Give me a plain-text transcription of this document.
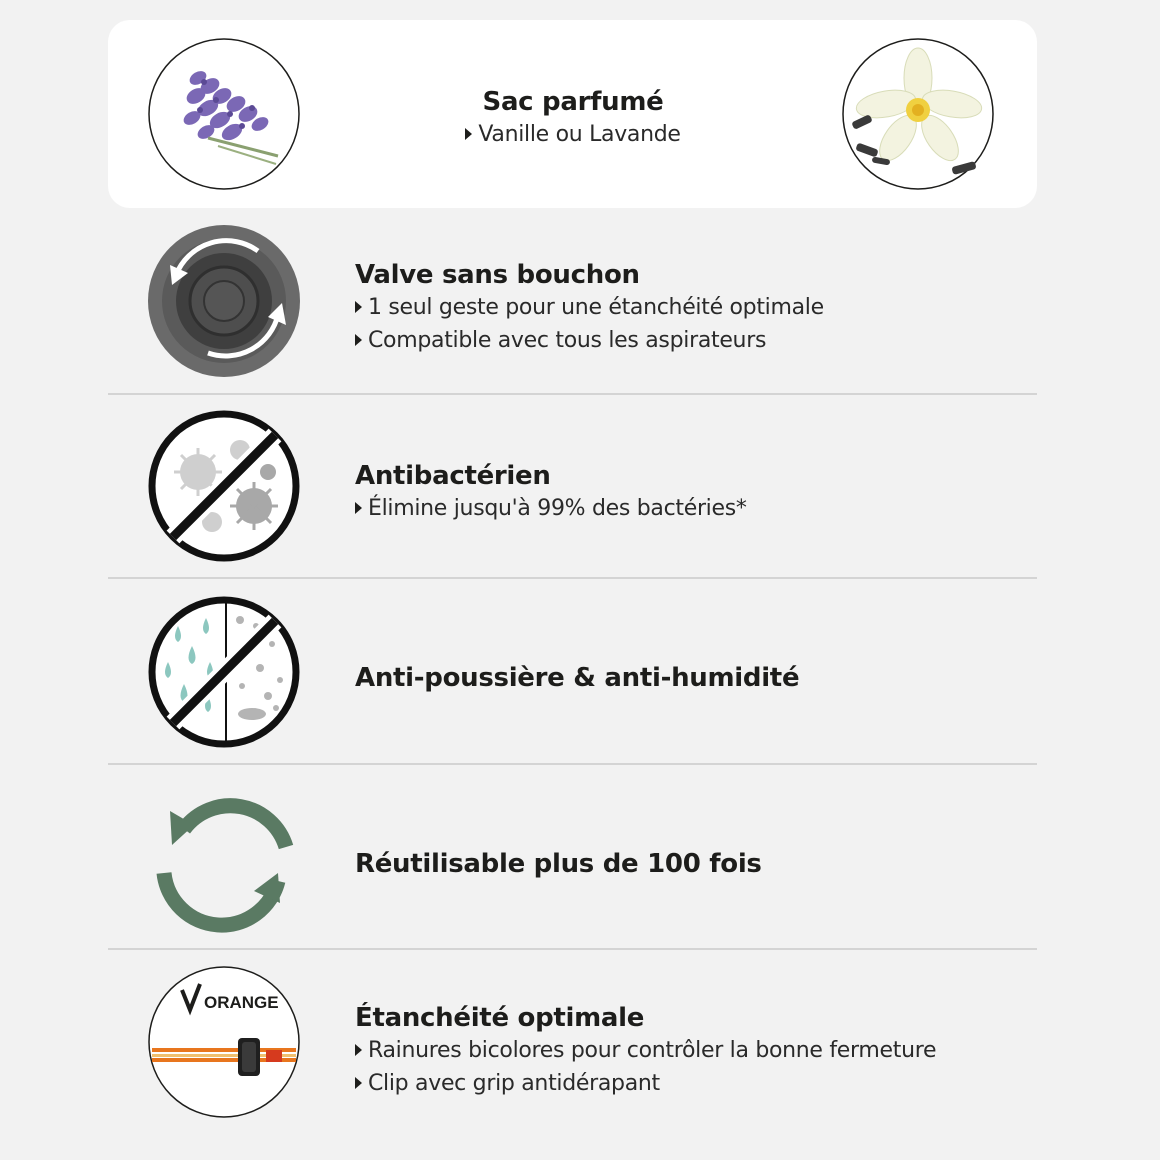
Sac parfumé
Vanille ou Lavande
Valve sans bouchon
1 seul geste pour une étanchéité optimale
Compatible avec tous les aspirateurs
Antibactérien
Élimine jusqu'à 99% des bactéries*
Anti-poussière & anti-humidité
Réutilisable plus de 100 fois
ORANGE
Étanchéité optimale
Rainures bicolores pour contrôler la bonne fermeture
Clip avec grip antidérapant
